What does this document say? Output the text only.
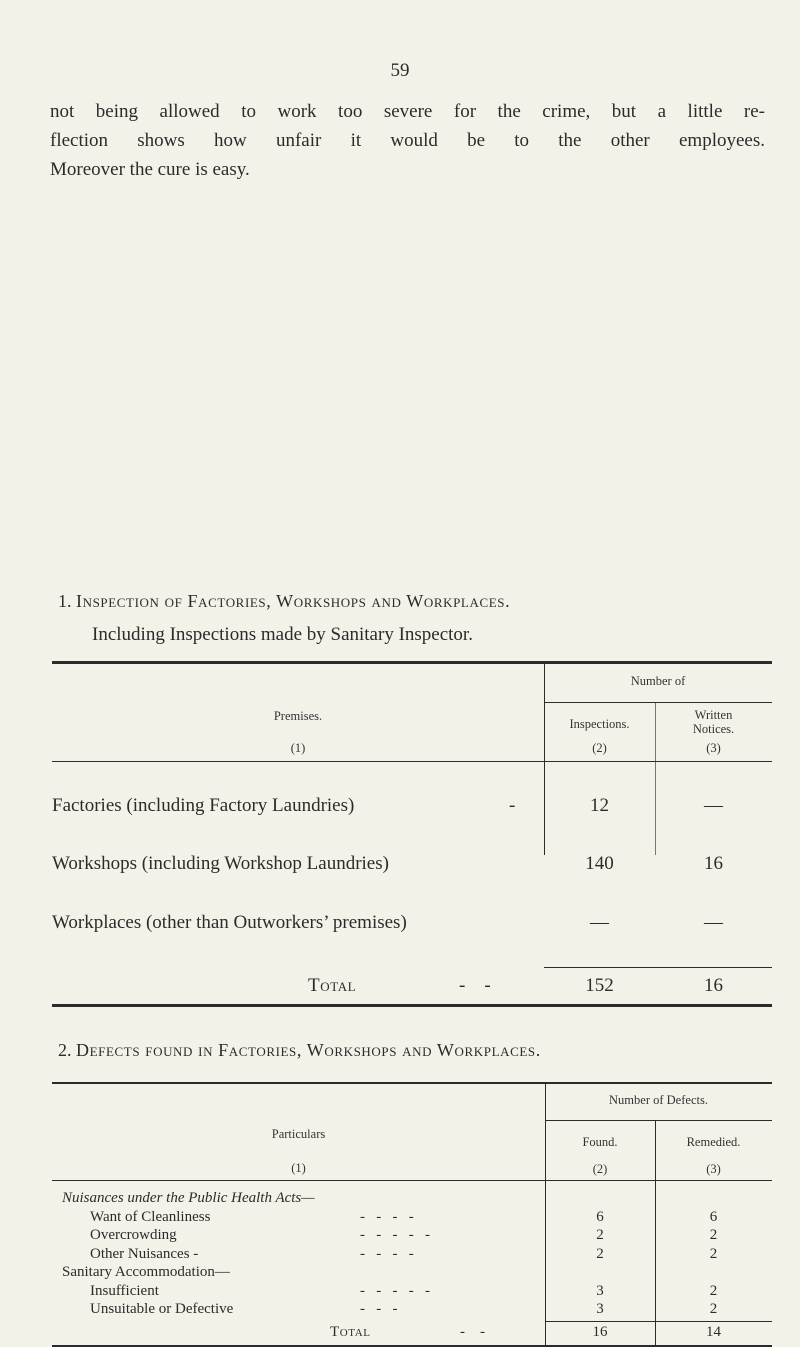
59
not being allowed to work too severe for the crime, but a little re-
flection shows how unfair it would be to the other employees.
Moreover the cure is easy.
1. Inspection of Factories, Workshops and Workplaces.
Including Inspections made by Sanitary Inspector.
Number of
Premises.
(1)
Inspections.
(2)
Written
Notices.
(3)
Factories (including Factory Laundries)	-	12	—
Workshops (including Workshop Laundries)	140	16
Workplaces (other than Outworkers’ premises)	—	—
Total	-    -	152	16
2. Defects found in Factories, Workshops and Workplaces.
Number of Defects.
Particulars
(1)
Found.
(2)
Remedied.
(3)
Nuisances under the Public Health Acts—
Want of Cleanliness	-   -   -   -	6	6
Overcrowding	-   -   -   -   -	2	2
Other Nuisances -	-   -   -   -	2	2
Sanitary Accommodation—
Insufficient	-   -   -   -   -	3	2
Unsuitable or Defective	-   -   -	3	2
Total	-    -	16	14
